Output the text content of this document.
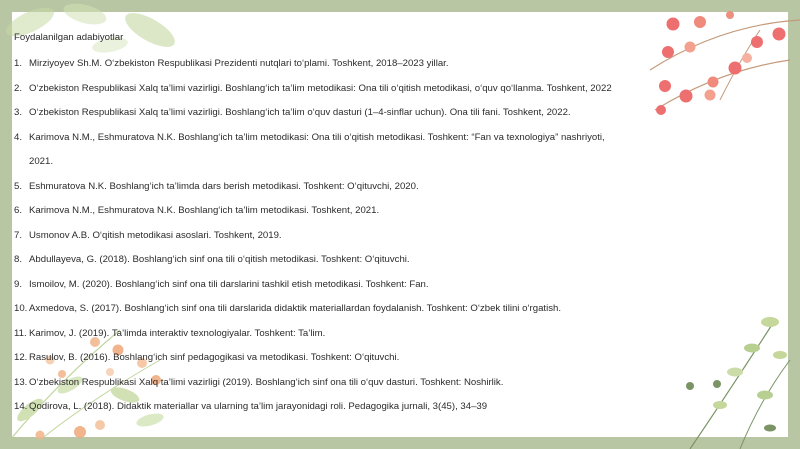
Foydalanilgan adabiyotlar
1. Mirziyoyev Sh.M. O‘zbekiston Respublikasi Prezidenti nutqlari to‘plami. Toshkent, 2018–2023 yillar.
2. O‘zbekiston Respublikasi Xalq ta’limi vazirligi. Boshlang‘ich ta’lim metodikasi: Ona tili o‘qitish metodikasi, o‘quv qo‘llanma. Toshkent, 2022
3. O‘zbekiston Respublikasi Xalq ta’limi vazirligi. Boshlang‘ich ta’lim o‘quv dasturi (1–4-sinflar uchun). Ona tili fani. Toshkent, 2022.
4. Karimova N.M., Eshmuratova N.K. Boshlang‘ich ta’lim metodikasi: Ona tili o‘qitish metodikasi. Toshkent: “Fan va texnologiya” nashriyoti,
2021.
5. Eshmuratova N.K. Boshlang‘ich ta’limda dars berish metodikasi. Toshkent: O‘qituvchi, 2020.
6. Karimova N.M., Eshmuratova N.K. Boshlang‘ich ta’lim metodikasi. Toshkent, 2021.
7. Usmonov A.B. O‘qitish metodikasi asoslari. Toshkent, 2019.
8. Abdullayeva, G. (2018). Boshlang‘ich sinf ona tili o‘qitish metodikasi. Toshkent: O‘qituvchi.
9. Ismoilov, M. (2020). Boshlang‘ich sinf ona tili darslarini tashkil etish metodikasi. Toshkent: Fan.
10. Axmedova, S. (2017). Boshlang‘ich sinf ona tili darslarida didaktik materiallardan foydalanish. Toshkent: O‘zbek tilini o‘rgatish.
11. Karimov, J. (2019). Ta’limda interaktiv texnologiyalar. Toshkent: Ta’lim.
12. Rasulov, B. (2016). Boshlang‘ich sinf pedagogikasi va metodikasi. Toshkent: O‘qituvchi.
13. O‘zbekiston Respublikasi Xalq ta’limi vazirligi (2019). Boshlang‘ich sinf ona tili o‘quv dasturi. Toshkent: Noshirlik.
14. Qodirova, L. (2018). Didaktik materiallar va ularning ta’lim jarayonidagi roli. Pedagogika jurnali, 3(45), 34–39
